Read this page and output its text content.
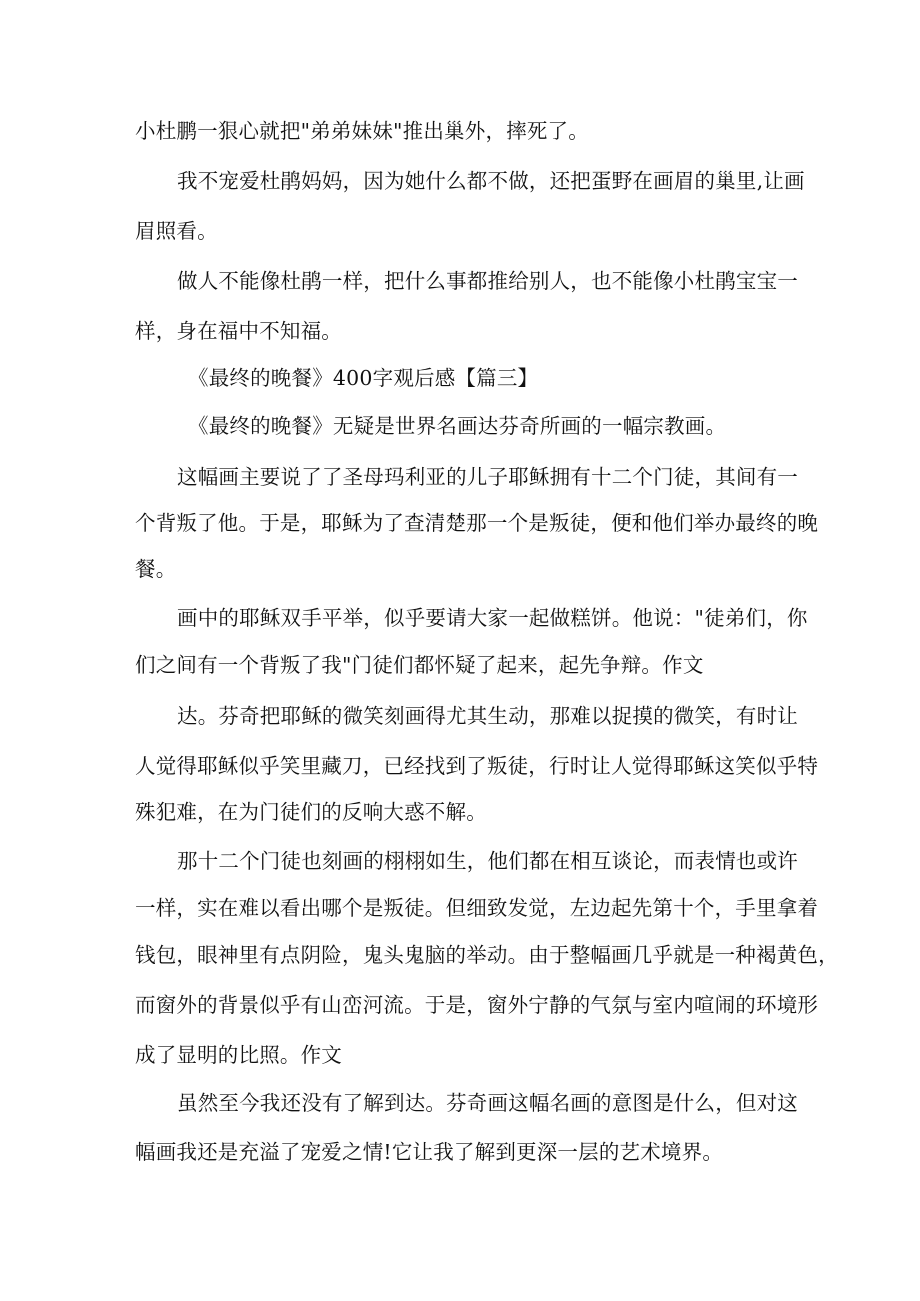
小杜鹏一狠心就把"弟弟妹妹"推出巢外，摔死了。
我不宠爱杜鹃妈妈，因为她什么都不做，还把蛋野在画眉的巢里,让画
眉照看。
做人不能像杜鹃一样，把什么事都推给别人，也不能像小杜鹃宝宝一
样，身在福中不知福。
《最终的晚餐》400字观后感【篇三】
《最终的晚餐》无疑是世界名画达芬奇所画的一幅宗教画。
这幅画主要说了了圣母玛利亚的儿子耶稣拥有十二个门徒，其间有一
个背叛了他。于是，耶稣为了查清楚那一个是叛徒，便和他们举办最终的晚
餐。
画中的耶稣双手平举，似乎要请大家一起做糕饼。他说："徒弟们，你
们之间有一个背叛了我"门徒们都怀疑了起来，起先争辩。作文
达。芬奇把耶稣的微笑刻画得尤其生动，那难以捉摸的微笑，有时让
人觉得耶稣似乎笑里藏刀，已经找到了叛徒，行时让人觉得耶稣这笑似乎特
殊犯难，在为门徒们的反响大惑不解。
那十二个门徒也刻画的栩栩如生，他们都在相互谈论，而表情也或许
一样，实在难以看出哪个是叛徒。但细致发觉，左边起先第十个，手里拿着
钱包，眼神里有点阴险，鬼头鬼脑的举动。由于整幅画几乎就是一种褐黄色，
而窗外的背景似乎有山峦河流。于是，窗外宁静的气氛与室内喧闹的环境形
成了显明的比照。作文
虽然至今我还没有了解到达。芬奇画这幅名画的意图是什么，但对这
幅画我还是充溢了宠爱之情!它让我了解到更深一层的艺术境界。
